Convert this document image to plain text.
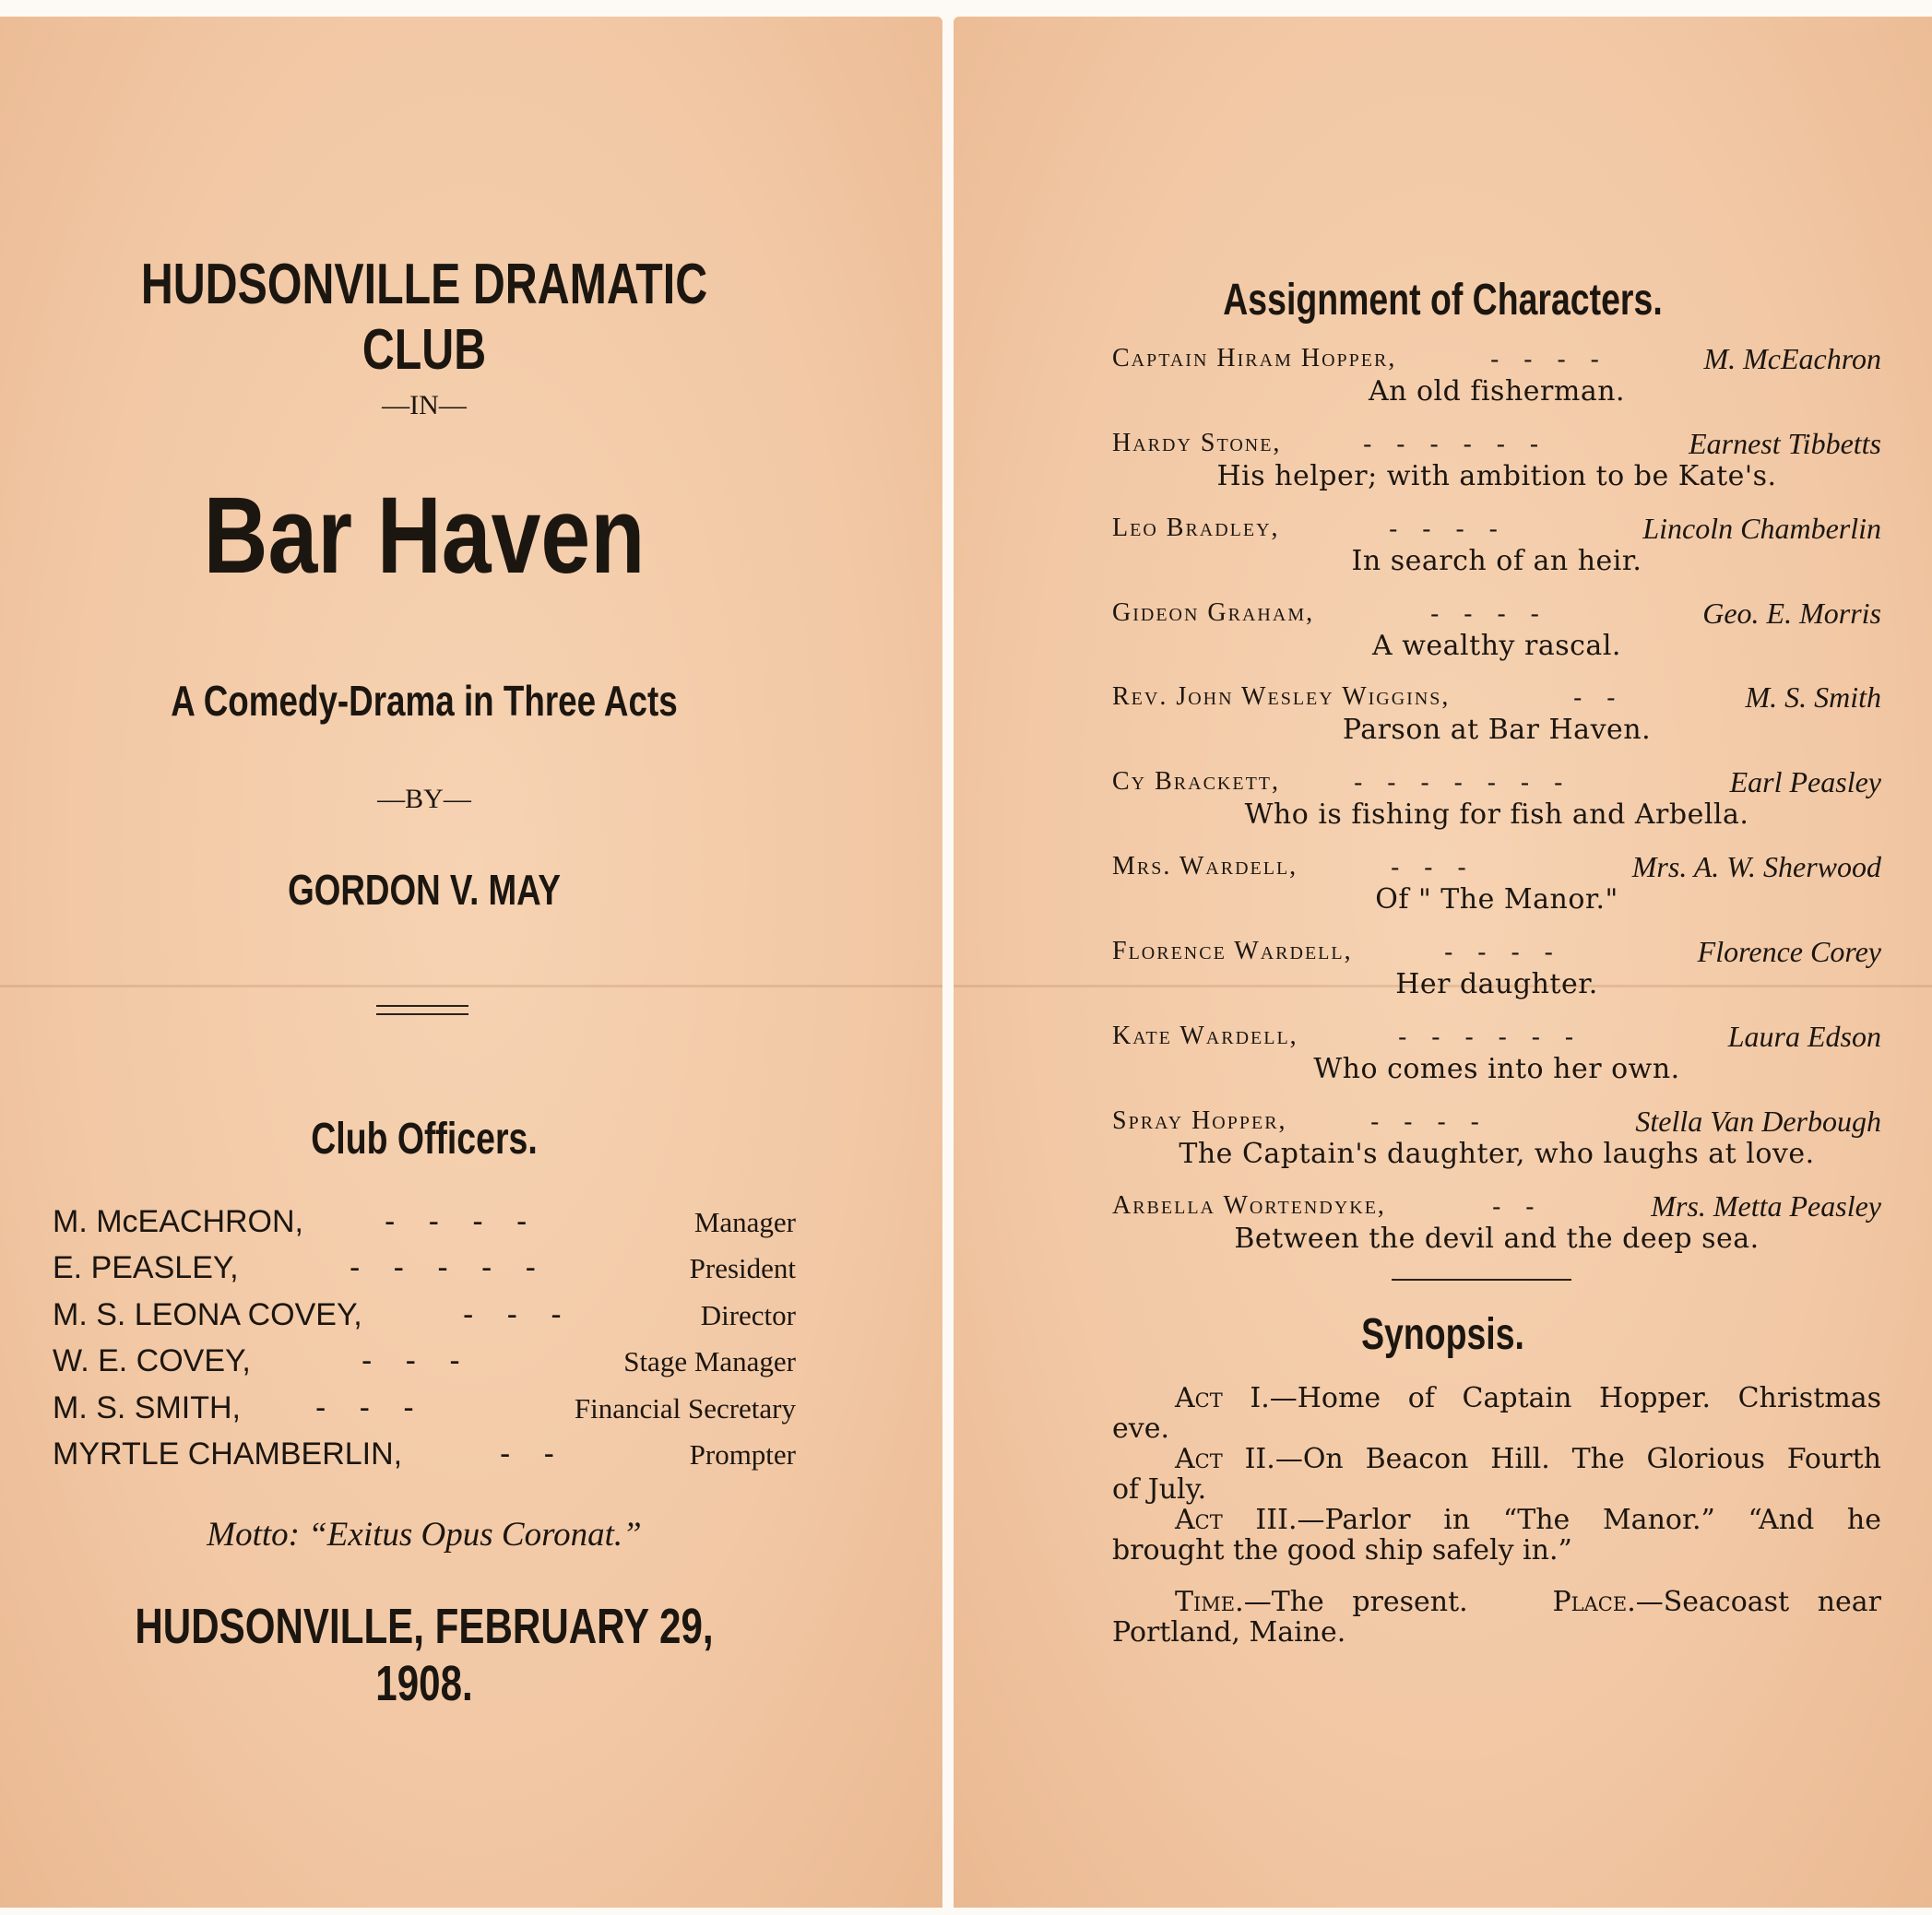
HUDSONVILLE DRAMATIC CLUB
—IN—
Bar Haven
A Comedy-Drama in Three Acts
—BY—
GORDON V. MAY
Club Officers.
M. McEACHRON,	-   -   -   -	Manager
E. PEASLEY,	-   -   -   -   -	President
M. S. LEONA COVEY,	-   -   -	Director
W. E. COVEY,	-   -   -	Stage Manager
M. S. SMITH, -   -   -	Financial Secretary
MYRTLE CHAMBERLIN,	-   -	Prompter
Motto: “Exitus Opus Coronat.”
HUDSONVILLE, FEBRUARY 29, 1908.
Assignment of Characters.
Captain Hiram Hopper,	-   -   -   -	M. McEachron
An old fisherman.
Hardy Stone,	-   -   -   -   -   -	Earnest Tibbetts
His helper; with ambition to be Kate's.
Leo Bradley,	-   -   -   -	Lincoln Chamberlin
In search of an heir.
Gideon Graham,	-   -   -   -	Geo. E. Morris
A wealthy rascal.
Rev. John Wesley Wiggins,	-   -	M. S. Smith
Parson at Bar Haven.
Cy Brackett,	-   -   -   -   -   -   -	Earl Peasley
Who is fishing for fish and Arbella.
Mrs. Wardell,	-   -   -	Mrs. A. W. Sherwood
Of " The Manor."
Florence Wardell,	-   -   -   -	Florence Corey
Her daughter.
Kate Wardell,	-   -   -   -   -   -	Laura Edson
Who comes into her own.
Spray Hopper,	-   -   -   -	Stella Van Derbough
The Captain's daughter, who laughs at love.
Arbella Wortendyke,	-   -	Mrs. Metta Peasley
Between the devil and the deep sea.
Synopsis.
Act I.—Home of Captain Hopper. Christmas
eve.
Act II.—On Beacon Hill. The Glorious Fourth
of July.
Act III.—Parlor in “The Manor.” “And he
brought the good ship safely in.”
Time.—The present.	Place.—Seacoast near
Portland, Maine.
